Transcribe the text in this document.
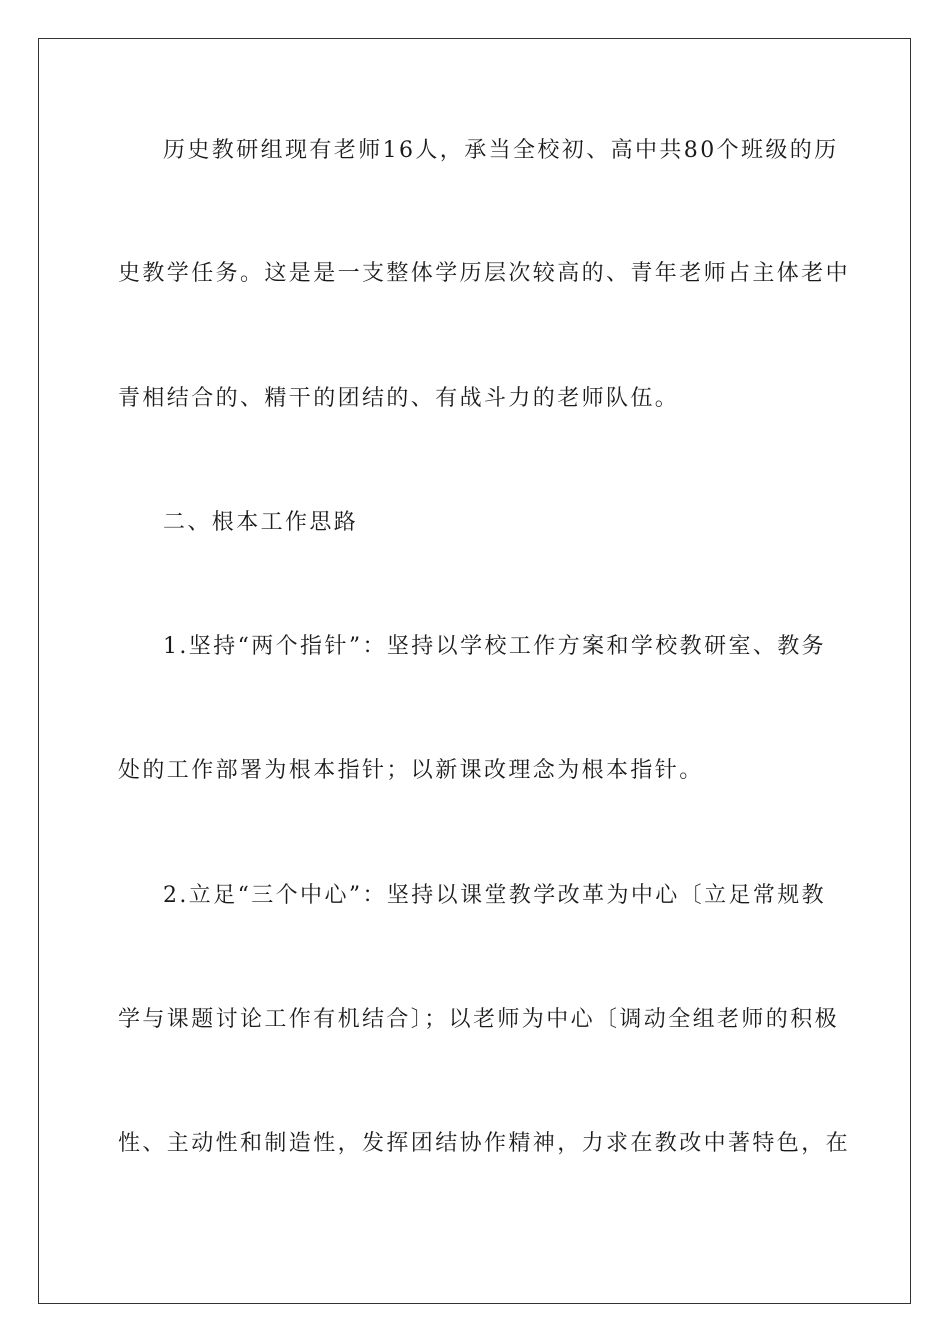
历史教研组现有老师16人，承当全校初、高中共80个班级的历
史教学任务。这是是一支整体学历层次较高的、青年老师占主体老中
青相结合的、精干的团结的、有战斗力的老师队伍。
二、根本工作思路
1.坚持“两个指针”：坚持以学校工作方案和学校教研室、教务
处的工作部署为根本指针；以新课改理念为根本指针。
2.立足“三个中心”：坚持以课堂教学改革为中心〔立足常规教
学与课题讨论工作有机结合〕；以老师为中心〔调动全组老师的积极
性、主动性和制造性，发挥团结协作精神，力求在教改中著特色，在
